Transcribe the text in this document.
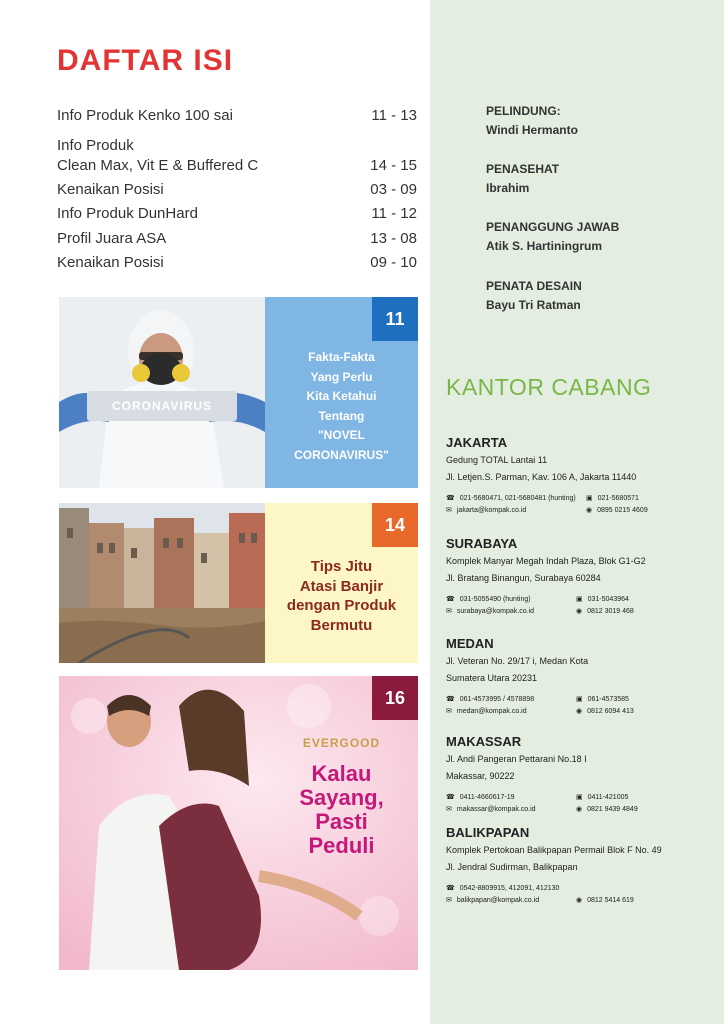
DAFTAR ISI
Info Produk Kenko 100 sai	11 - 13
Info Produk
Clean Max, Vit E & Buffered C	14 - 15
Kenaikan Posisi	03 - 09
Info Produk DunHard	11 - 12
Profil Juara ASA	13 - 08
Kenaikan Posisi	09 - 10
CORONAVIRUS
11
Fakta-Fakta
Yang Perlu
Kita Ketahui
Tentang
"NOVEL
CORONAVIRUS"
14
Tips Jitu
Atasi Banjir
dengan Produk
Bermutu
16
EVERGOOD
Kalau
Sayang,
Pasti
Peduli
PELINDUNG:
Windi Hermanto
PENASEHAT
Ibrahim
PENANGGUNG JAWAB
Atik S. Hartiningrum
PENATA DESAIN
Bayu Tri Ratman
KANTOR CABANG
JAKARTA
Gedung TOTAL Lantai 11
Jl. Letjen.S. Parman, Kav. 106 A, Jakarta 11440
☎ 021-5680471, 021-5680481 (hunting) ▣ 021-5680571
✉ jakarta@kompak.co.id	◉ 0895 0215 4609
SURABAYA
Komplek Manyar Megah Indah Plaza, Blok G1-G2
Jl. Bratang Binangun, Surabaya 60284
☎ 031-5055490 (hunting)	▣ 031-5043964
✉ surabaya@kompak.co.id	◉ 0812 3019 468
MEDAN
Jl. Veteran No. 29/17 i, Medan Kota
Sumatera Utara 20231
☎ 061-4573995 / 4578898	▣ 061-4573585
✉ medan@kompak.co.id	◉ 0812 6094 413
MAKASSAR
Jl. Andi Pangeran Pettarani No.18 I
Makassar, 90222
☎ 0411-4660617-19	▣ 0411-421005
✉ makassar@kompak.co.id	◉ 0821 9439 4849
BALIKPAPAN
Komplek Pertokoan Balikpapan Permail Blok F No. 49
Jl. Jendral Sudirman, Balikpapan
☎ 0542-8809915, 412091, 412130
✉ balikpapan@kompak.co.id	◉ 0812 5414 619
